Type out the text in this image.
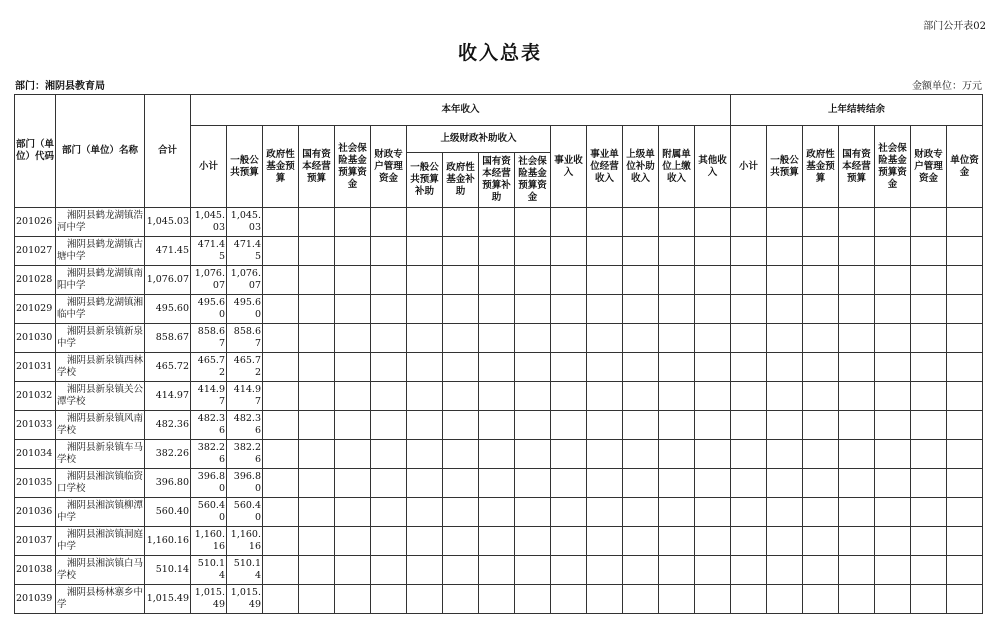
部门公开表02
收入总表
部门：湘阴县教育局	金额单位：万元
部门（单位）代码	部门（单位）名称	合计	本年收入															上年结转结余						
			小计	一般公共预算	政府性基金预算	国有资本经营预算	社会保险基金预算资金	财政专户管理资金	上级财政补助收入				事业收入	事业单位经营收入	上级单位补助收入	附属单位上缴收入	其他收入	小计	一般公共预算	政府性基金预算	国有资本经营预算	社会保险基金预算资金	财政专户管理资金	单位资金
									一般公共预算补助	政府性基金补助	国有资本经营预算补助	社会保险基金预算资金												
201026	湘阴县鹤龙湖镇浩河中学	1,045.03	1,045.03	1,045.03																				
201027	湘阴县鹤龙湖镇古塘中学	471.45	471.45	471.45																				
201028	湘阴县鹤龙湖镇南阳中学	1,076.07	1,076.07	1,076.07																				
201029	湘阴县鹤龙湖镇湘临中学	495.60	495.60	495.60																				
201030	湘阴县新泉镇新泉中学	858.67	858.67	858.67																				
201031	湘阴县新泉镇西林学校	465.72	465.72	465.72																				
201032	湘阴县新泉镇关公潭学校	414.97	414.97	414.97																				
201033	湘阴县新泉镇风南学校	482.36	482.36	482.36																				
201034	湘阴县新泉镇车马学校	382.26	382.26	382.26																				
201035	湘阴县湘滨镇临资口学校	396.80	396.80	396.80																				
201036	湘阴县湘滨镇柳潭中学	560.40	560.40	560.40																				
201037	湘阴县湘滨镇洞庭中学	1,160.16	1,160.16	1,160.16																				
201038	湘阴县湘滨镇白马学校	510.14	510.14	510.14																				
201039	湘阴县杨林寨乡中学	1,015.49	1,015.49	1,015.49																				
